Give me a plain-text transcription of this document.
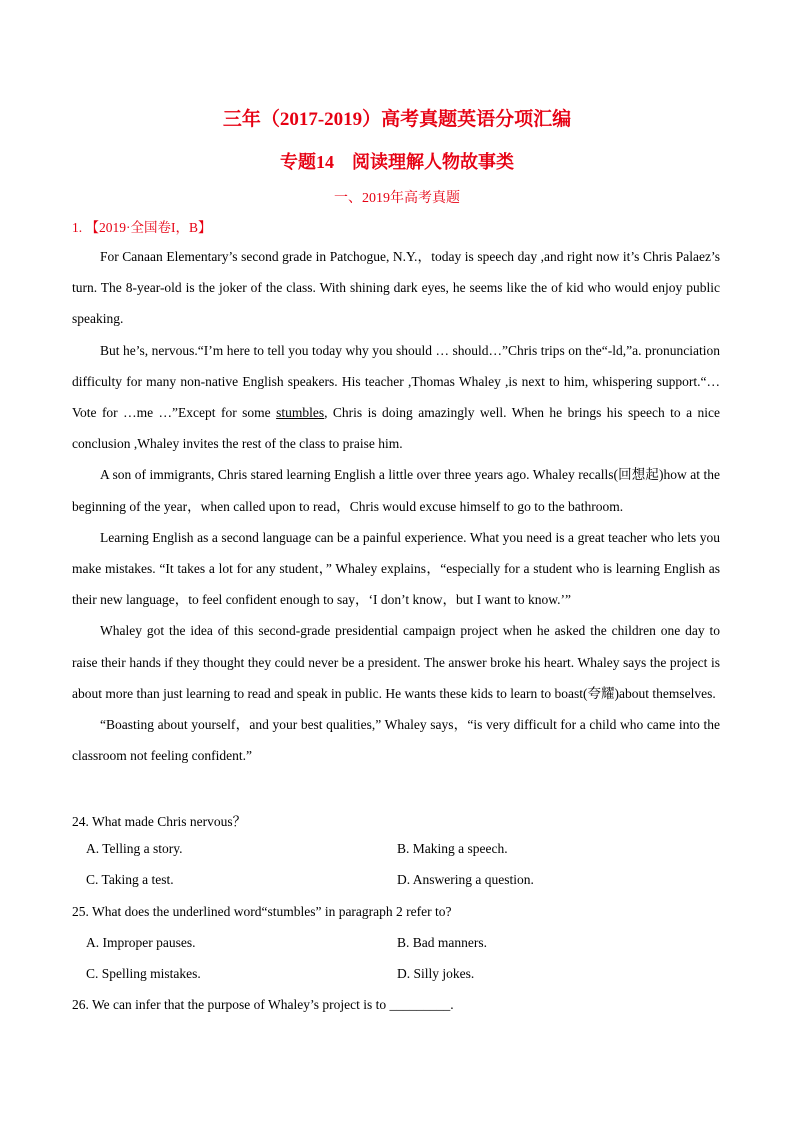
三年（2017-2019）高考真题英语分项汇编
专题14　阅读理解人物故事类
一、2019年高考真题
1. 【2019·全国卷I，B】

For Canaan Elementary’s second grade in Patchogue, N.Y.，today is speech day ,and right now it’s Chris Palaez’s turn. The 8-year-old is the joker of the class. With shining dark eyes, he seems like the of kid who would enjoy public speaking.

But he’s, nervous.“I’m here to tell you today why you should … should…”Chris trips on the“-ld,”a. pronunciation difficulty for many non-native English speakers. His teacher ,Thomas Whaley ,is next to him, whispering support.“…Vote for …me …”Except for some stumbles, Chris is doing amazingly well. When he brings his speech to a nice conclusion ,Whaley invites the rest of the class to praise him.

A son of immigrants, Chris stared learning English a little over three years ago. Whaley recalls(回想起)how at the beginning of the year，when called upon to read，Chris would excuse himself to go to the bathroom.

Learning English as a second language can be a painful experience. What you need is a great teacher who lets you make mistakes. “It takes a lot for any student，” Whaley explains，“especially for a student who is learning English as their new language，to feel confident enough to say，‘I don’t know，but I want to know.’”

Whaley got the idea of this second-grade presidential campaign project when he asked the children one day to raise their hands if they thought they could never be a president. The answer broke his heart. Whaley says the project is about more than just learning to read and speak in public. He wants these kids to learn to boast(夸耀)about themselves.

“Boasting about yourself，and your best qualities,” Whaley says，“is very difficult for a child who came into the classroom not feeling confident.”

24. What made Chris nervous？
A. Telling a story.	B. Making a speech.
C. Taking a test.	D. Answering a question.
25. What does the underlined word“stumbles” in paragraph 2 refer to?
A. Improper pauses.	B. Bad manners.
C. Spelling mistakes.	D. Silly jokes.
26. We can infer that the purpose of Whaley’s project is to _________.
